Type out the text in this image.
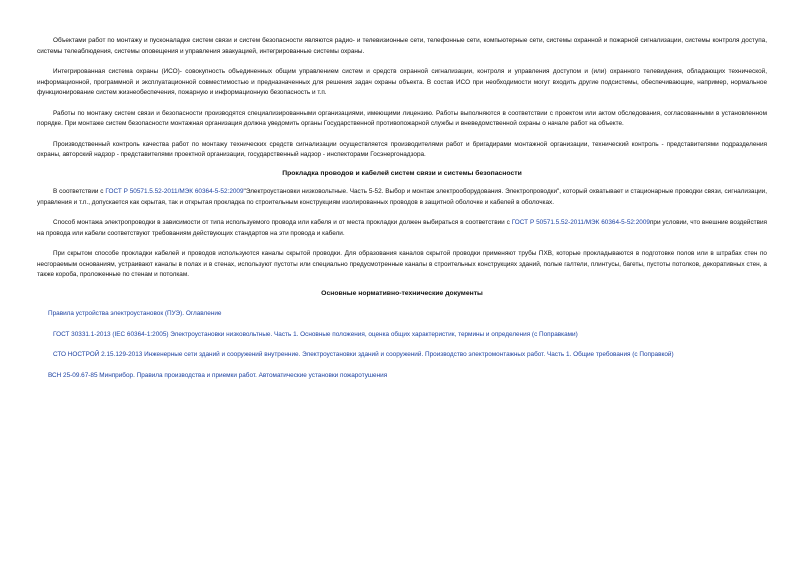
Объектами работ по монтажу и пусконаладке систем связи и систем безопасности являются радио- и телевизионные сети, телефонные сети, компьютерные сети, системы охранной и пожарной сигнализации, системы контроля доступа, системы телеаблюдения, системы оповещения и управления эвакуацией, интегрированные системы охраны.

Интегрированная система охраны (ИСО)- совокупность объединенных общим управлением систем и средств охранной сигнализации, контроля и управления доступом и (или) охранного телевидения, обладающих технической, информационной, программной и эксплуатационной совместимостью и предназначенных для решения задач охраны объекта. В состав ИСО при необходимости могут входить другие подсистемы, обеспечивающие, например, нормальное функционирование систем жизнеобеспечения, пожарную и информационную безопасность и т.п.

Работы по монтажу систем связи и безопасности производятся специализированными организациями, имеющими лицензию. Работы выполняются в соответствии с проектом или актом обследования, согласованными в установленном порядке. При монтаже систем безопасности монтажная организация должна уведомить органы Государственной противопожарной службы и вневедомственной охраны о начале работ на объекте.

Производственный контроль качества работ по монтажу технических средств сигнализации осуществляется производителями работ и бригадирами монтажной организации, технический контроль - представителями подразделения охраны, авторский надзор - представителями проектной организации, государственный надзор - инспекторами Госэнергонадзора.

Прокладка проводов и кабелей систем связи и системы безопасности

В соответствии с ГОСТ Р 50571.5.52-2011/МЭК 60364-5-52:2009"Электроустановки низковольтные. Часть 5-52. Выбор и монтаж электрооборудования. Электропроводки", который охватывает и стационарные проводки связи, сигнализации, управления и т.п., допускается как скрытая, так и открытая прокладка по строительным конструкциям изолированных проводов в защитной оболочке и кабелей в оболочках.

Способ монтажа электропроводки в зависимости от типа используемого провода или кабеля и от места прокладки должен выбираться в соответствии с ГОСТ Р 50571.5.52-2011/МЭК 60364-5-52:2009при условии, что внешние воздействия на провода или кабели соответствуют требованиям действующих стандартов на эти провода и кабели.

При скрытом способе прокладки кабелей и проводов используются каналы скрытой проводки. Для образования каналов скрытой проводки применяют трубы ПХВ, которые прокладываются в подготовке полов или в штрабах стен по несгораемым основаниям, устраивают каналы в полах и в стенах, используют пустоты или специально предусмотренные каналы в строительных конструкциях зданий, полые галтели, плинтусы, багеты, пустоты потолков, декоративных стен, а также короба, проложенные по стенам и потолкам.

Основные нормативно-технические документы

Правила устройства электроустановок (ПУЭ). Оглавление
ГОСТ 30331.1-2013 (IEC 60364-1:2005) Электроустановки низковольтные. Часть 1. Основные положения, оценка общих характеристик, термины и определения (с Поправками)
СТО НОСТРОЙ 2.15.129-2013 Инженерные сети зданий и сооружений внутренние. Электроустановки зданий и сооружений. Производство электромонтажных работ. Часть 1. Общие требования (с Поправкой)
ВСН 25-09.67-85 Минприбор. Правила производства и приемки работ. Автоматические установки пожаротушения
